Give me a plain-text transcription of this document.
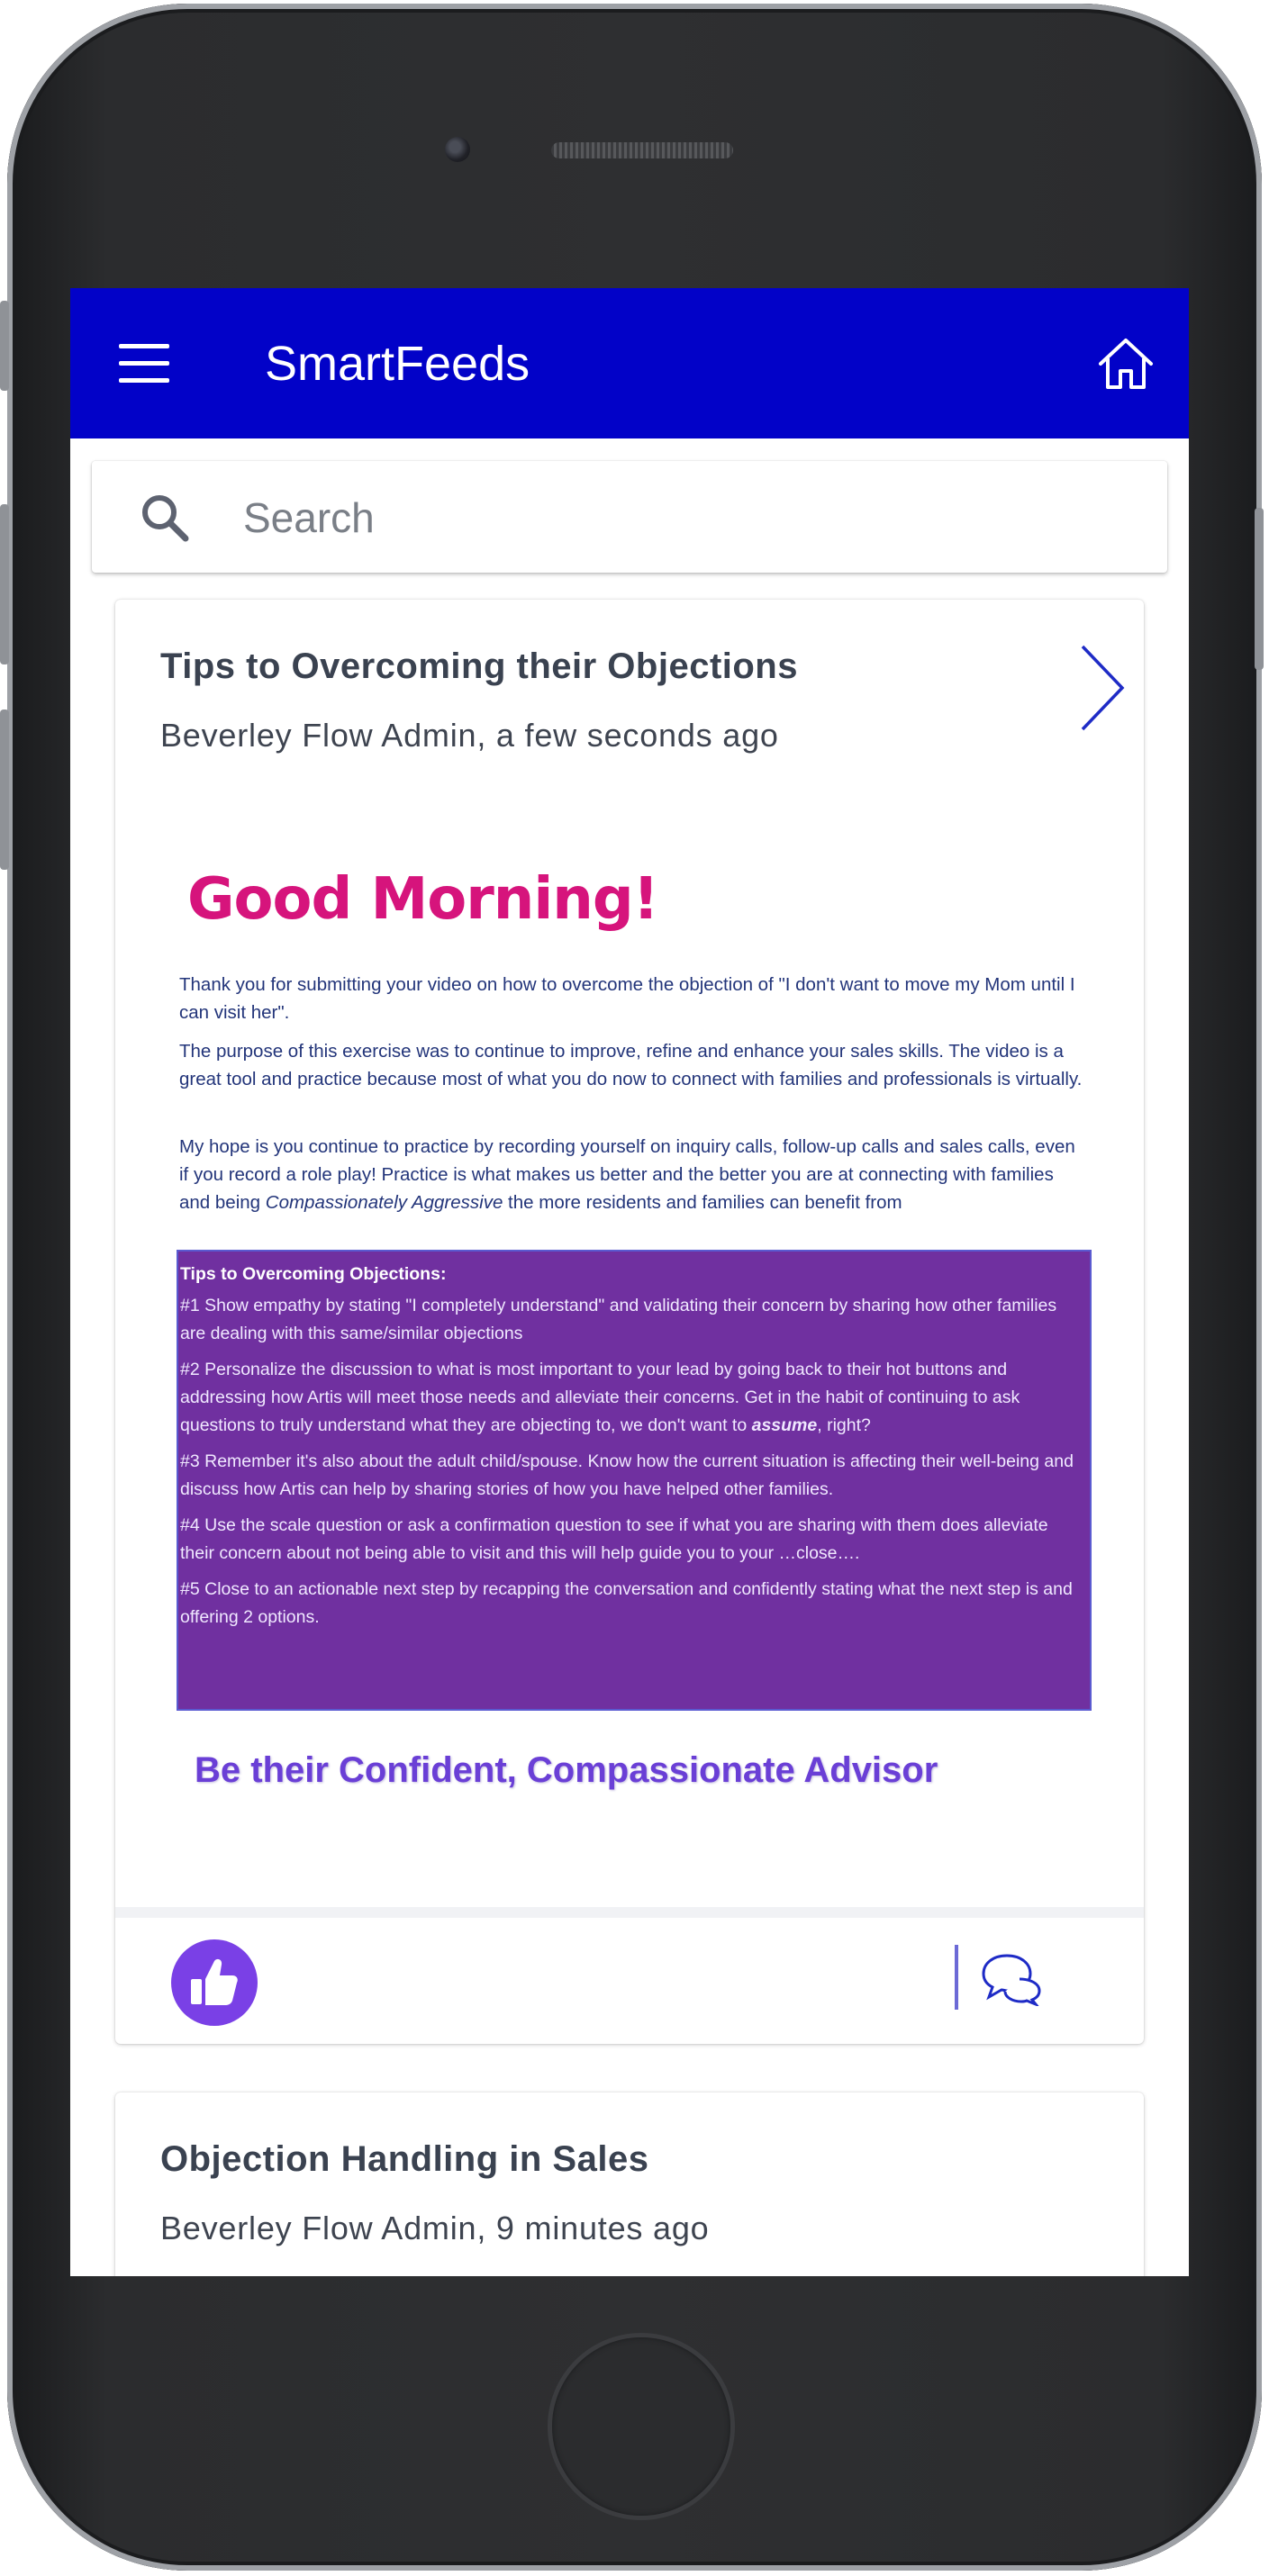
SmartFeeds
Search
Tips to Overcoming their Objections
Beverley Flow Admin, a few seconds ago
Good Morning!
Thank you for submitting your video on how to overcome the objection of "I don't want to move my Mom until I can visit her".
The purpose of this exercise was to continue to improve, refine and enhance your sales skills. The video is a great tool and practice because most of what you do now to connect with families and professionals is virtually.
My hope is you continue to practice by recording yourself on inquiry calls, follow-up calls and sales calls, even if you record a role play! Practice is what makes us better and the better you are at connecting with families and being Compassionately Aggressive the more residents and families can benefit from

Tips to Overcoming Objections:

#1 Show empathy by stating "I completely understand" and validating their concern by sharing how other families are dealing with this same/similar objections

#2 Personalize the discussion to what is most important to your lead by going back to their hot buttons and addressing how Artis will meet those needs and alleviate their concerns. Get in the habit of continuing to ask questions to truly understand what they are objecting to, we don't want to assume, right?

#3 Remember it's also about the adult child/spouse. Know how the current situation is affecting their well-being and discuss how Artis can help by sharing stories of how you have helped other families.

#4 Use the scale question or ask a confirmation question to see if what you are sharing with them does alleviate their concern about not being able to visit and this will help guide you to your …close….

#5 Close to an actionable next step by recapping the conversation and confidently stating what the next step is and offering 2 options.

Be their Confident, Compassionate Advisor
Objection Handling in Sales
Beverley Flow Admin, 9 minutes ago
